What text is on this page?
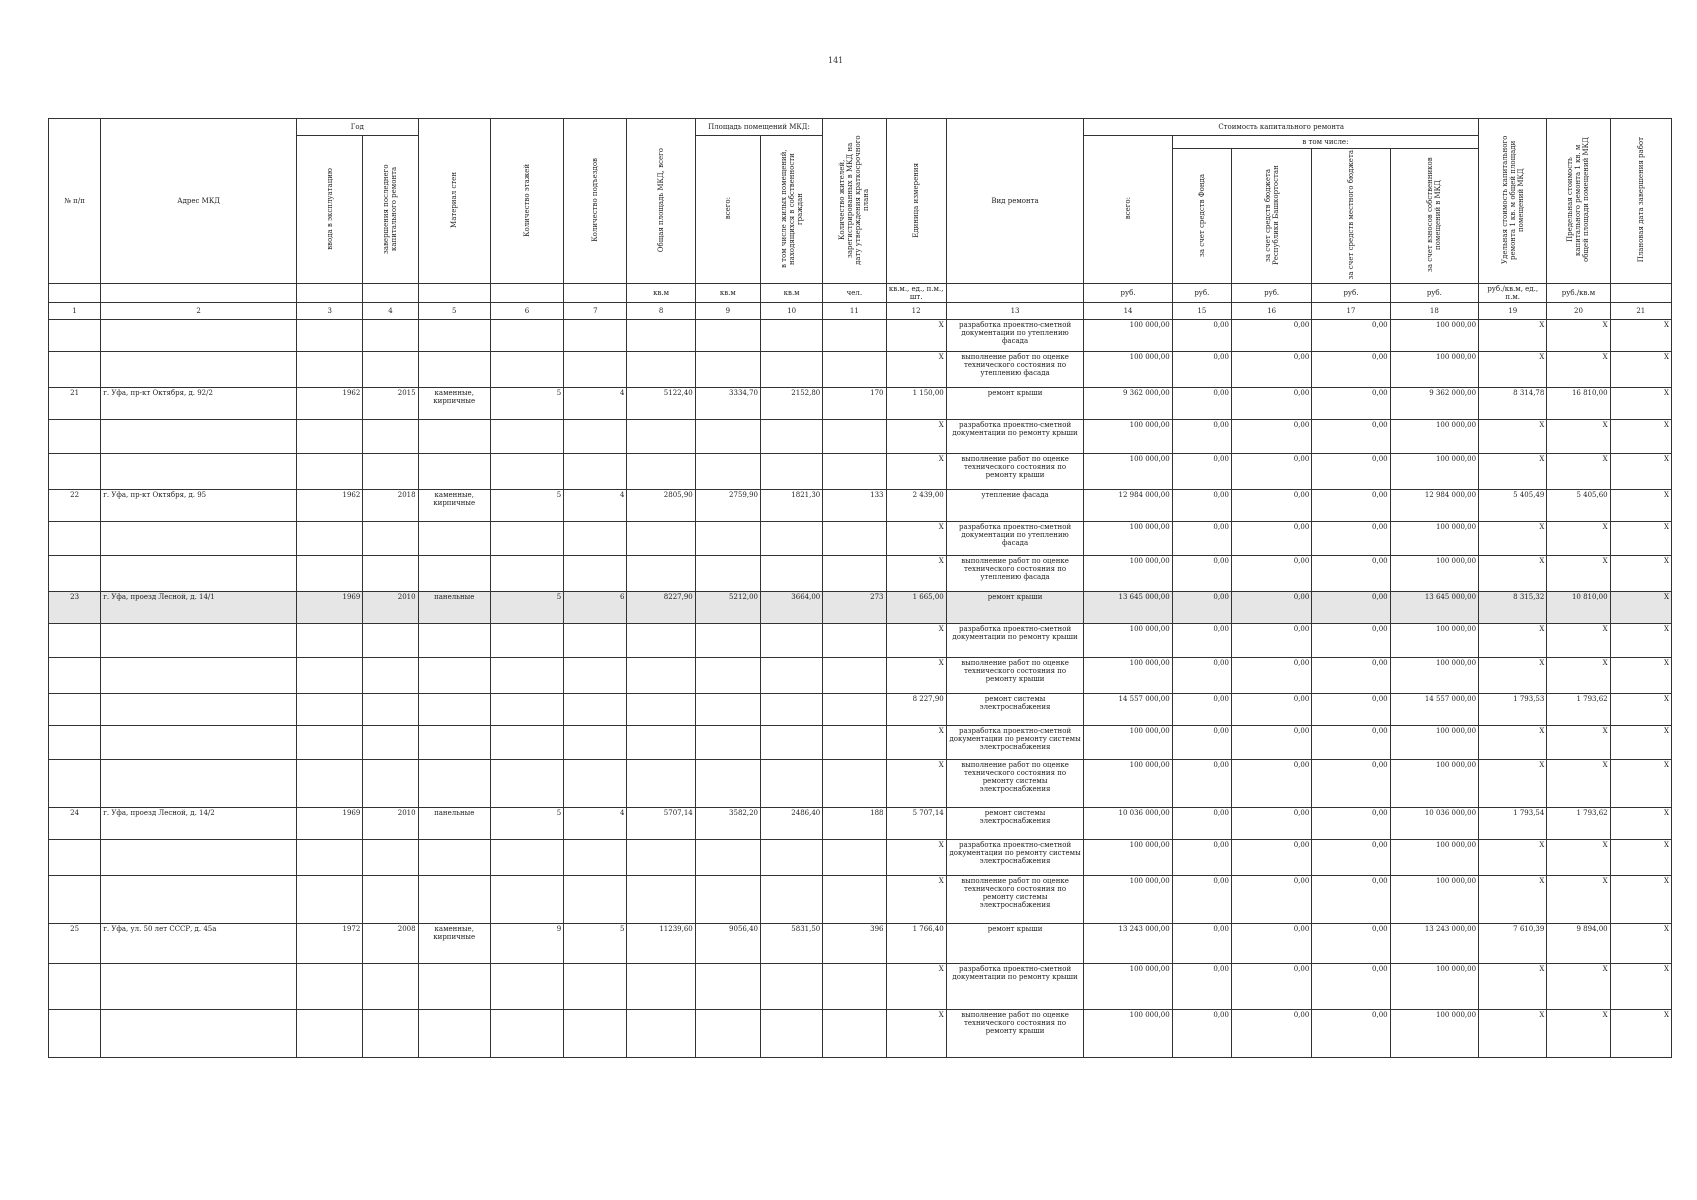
141
№ п/п	Адрес МКД	Год		Материал стен	Количество этажей	Количество подъездов	Общая площадь МКД, всего	Площадь помещений МКД:		Количество жителей, зарегистрированных в МКД на дату утверждения краткосрочного плана	Единица измерения	Вид ремонта	Стоимость капитального ремонта					Удельная стоимость капитального ремонта 1 кв. м общей площади помещений МКД	Предельная стоимость капитального ремонта 1 кв. м общей площади помещений МКД	Плановая дата завершения работ
		ввода в эксплуатацию	завершения последнего капитального ремонта					всего:	в том числе жилых помещений, находящихся в собственности граждан				всего:	в том числе:						
														за счет средств Фонда	за счет средств бюджета Республики Башкортостан	за счет средств местного бюджета	за счет взносов собственников помещений в МКД			
							кв.м	кв.м	кв.м	чел.	кв.м., ед., п.м., шт.		руб.	руб.	руб.	руб.	руб.	руб./кв.м, ед., п.м.	руб./кв.м	
1	2	3	4	5	6	7	8	9	10	11	12	13	14	15	16	17	18	19	20	21
											X	разработка проектно-сметной документации по утеплению фасада	100 000,00	0,00	0,00	0,00	100 000,00	X	X	X
											X	выполнение работ по оценке технического состояния по утеплению фасада	100 000,00	0,00	0,00	0,00	100 000,00	X	X	X
21	г. Уфа, пр-кт Октября, д. 92/2	1962	2015	каменные, кирпичные	5	4	5122,40	3334,70	2152,80	170	1 150,00	ремонт крыши	9 362 000,00	0,00	0,00	0,00	9 362 000,00	8 314,78	16 810,00	X
											X	разработка проектно-сметной документации по ремонту крыши	100 000,00	0,00	0,00	0,00	100 000,00	X	X	X
											X	выполнение работ по оценке технического состояния по ремонту крыши	100 000,00	0,00	0,00	0,00	100 000,00	X	X	X
22	г. Уфа, пр-кт Октября, д. 95	1962	2018	каменные, кирпичные	5	4	2805,90	2759,90	1821,30	133	2 439,00	утепление фасада	12 984 000,00	0,00	0,00	0,00	12 984 000,00	5 405,49	5 405,60	X
											X	разработка проектно-сметной документации по утеплению фасада	100 000,00	0,00	0,00	0,00	100 000,00	X	X	X
											X	выполнение работ по оценке технического состояния по утеплению фасада	100 000,00	0,00	0,00	0,00	100 000,00	X	X	X
23	г. Уфа, проезд Лесной, д. 14/1	1969	2010	панельные	5	6	8227,90	5212,00	3664,00	273	1 665,00	ремонт крыши	13 645 000,00	0,00	0,00	0,00	13 645 000,00	8 315,32	10 810,00	X
											X	разработка проектно-сметной документации по ремонту крыши	100 000,00	0,00	0,00	0,00	100 000,00	X	X	X
											X	выполнение работ по оценке технического состояния по ремонту крыши	100 000,00	0,00	0,00	0,00	100 000,00	X	X	X
											8 227,90	ремонт системы электроснабжения	14 557 000,00	0,00	0,00	0,00	14 557 000,00	1 793,53	1 793,62	X
											X	разработка проектно-сметной документации по ремонту системы электроснабжения	100 000,00	0,00	0,00	0,00	100 000,00	X	X	X
											X	выполнение работ по оценке технического состояния по ремонту системы электроснабжения	100 000,00	0,00	0,00	0,00	100 000,00	X	X	X
24	г. Уфа, проезд Лесной, д. 14/2	1969	2010	панельные	5	4	5707,14	3582,20	2486,40	188	5 707,14	ремонт системы электроснабжения	10 036 000,00	0,00	0,00	0,00	10 036 000,00	1 793,54	1 793,62	X
											X	разработка проектно-сметной документации по ремонту системы электроснабжения	100 000,00	0,00	0,00	0,00	100 000,00	X	X	X
											X	выполнение работ по оценке технического состояния по ремонту системы электроснабжения	100 000,00	0,00	0,00	0,00	100 000,00	X	X	X
25	г. Уфа, ул. 50 лет СССР, д. 45а	1972	2008	каменные, кирпичные	9	5	11239,60	9056,40	5831,50	396	1 766,40	ремонт крыши	13 243 000,00	0,00	0,00	0,00	13 243 000,00	7 610,39	9 894,00	X
											X	разработка проектно-сметной документации по ремонту крыши	100 000,00	0,00	0,00	0,00	100 000,00	X	X	X
											X	выполнение работ по оценке технического состояния по ремонту крыши	100 000,00	0,00	0,00	0,00	100 000,00	X	X	X
